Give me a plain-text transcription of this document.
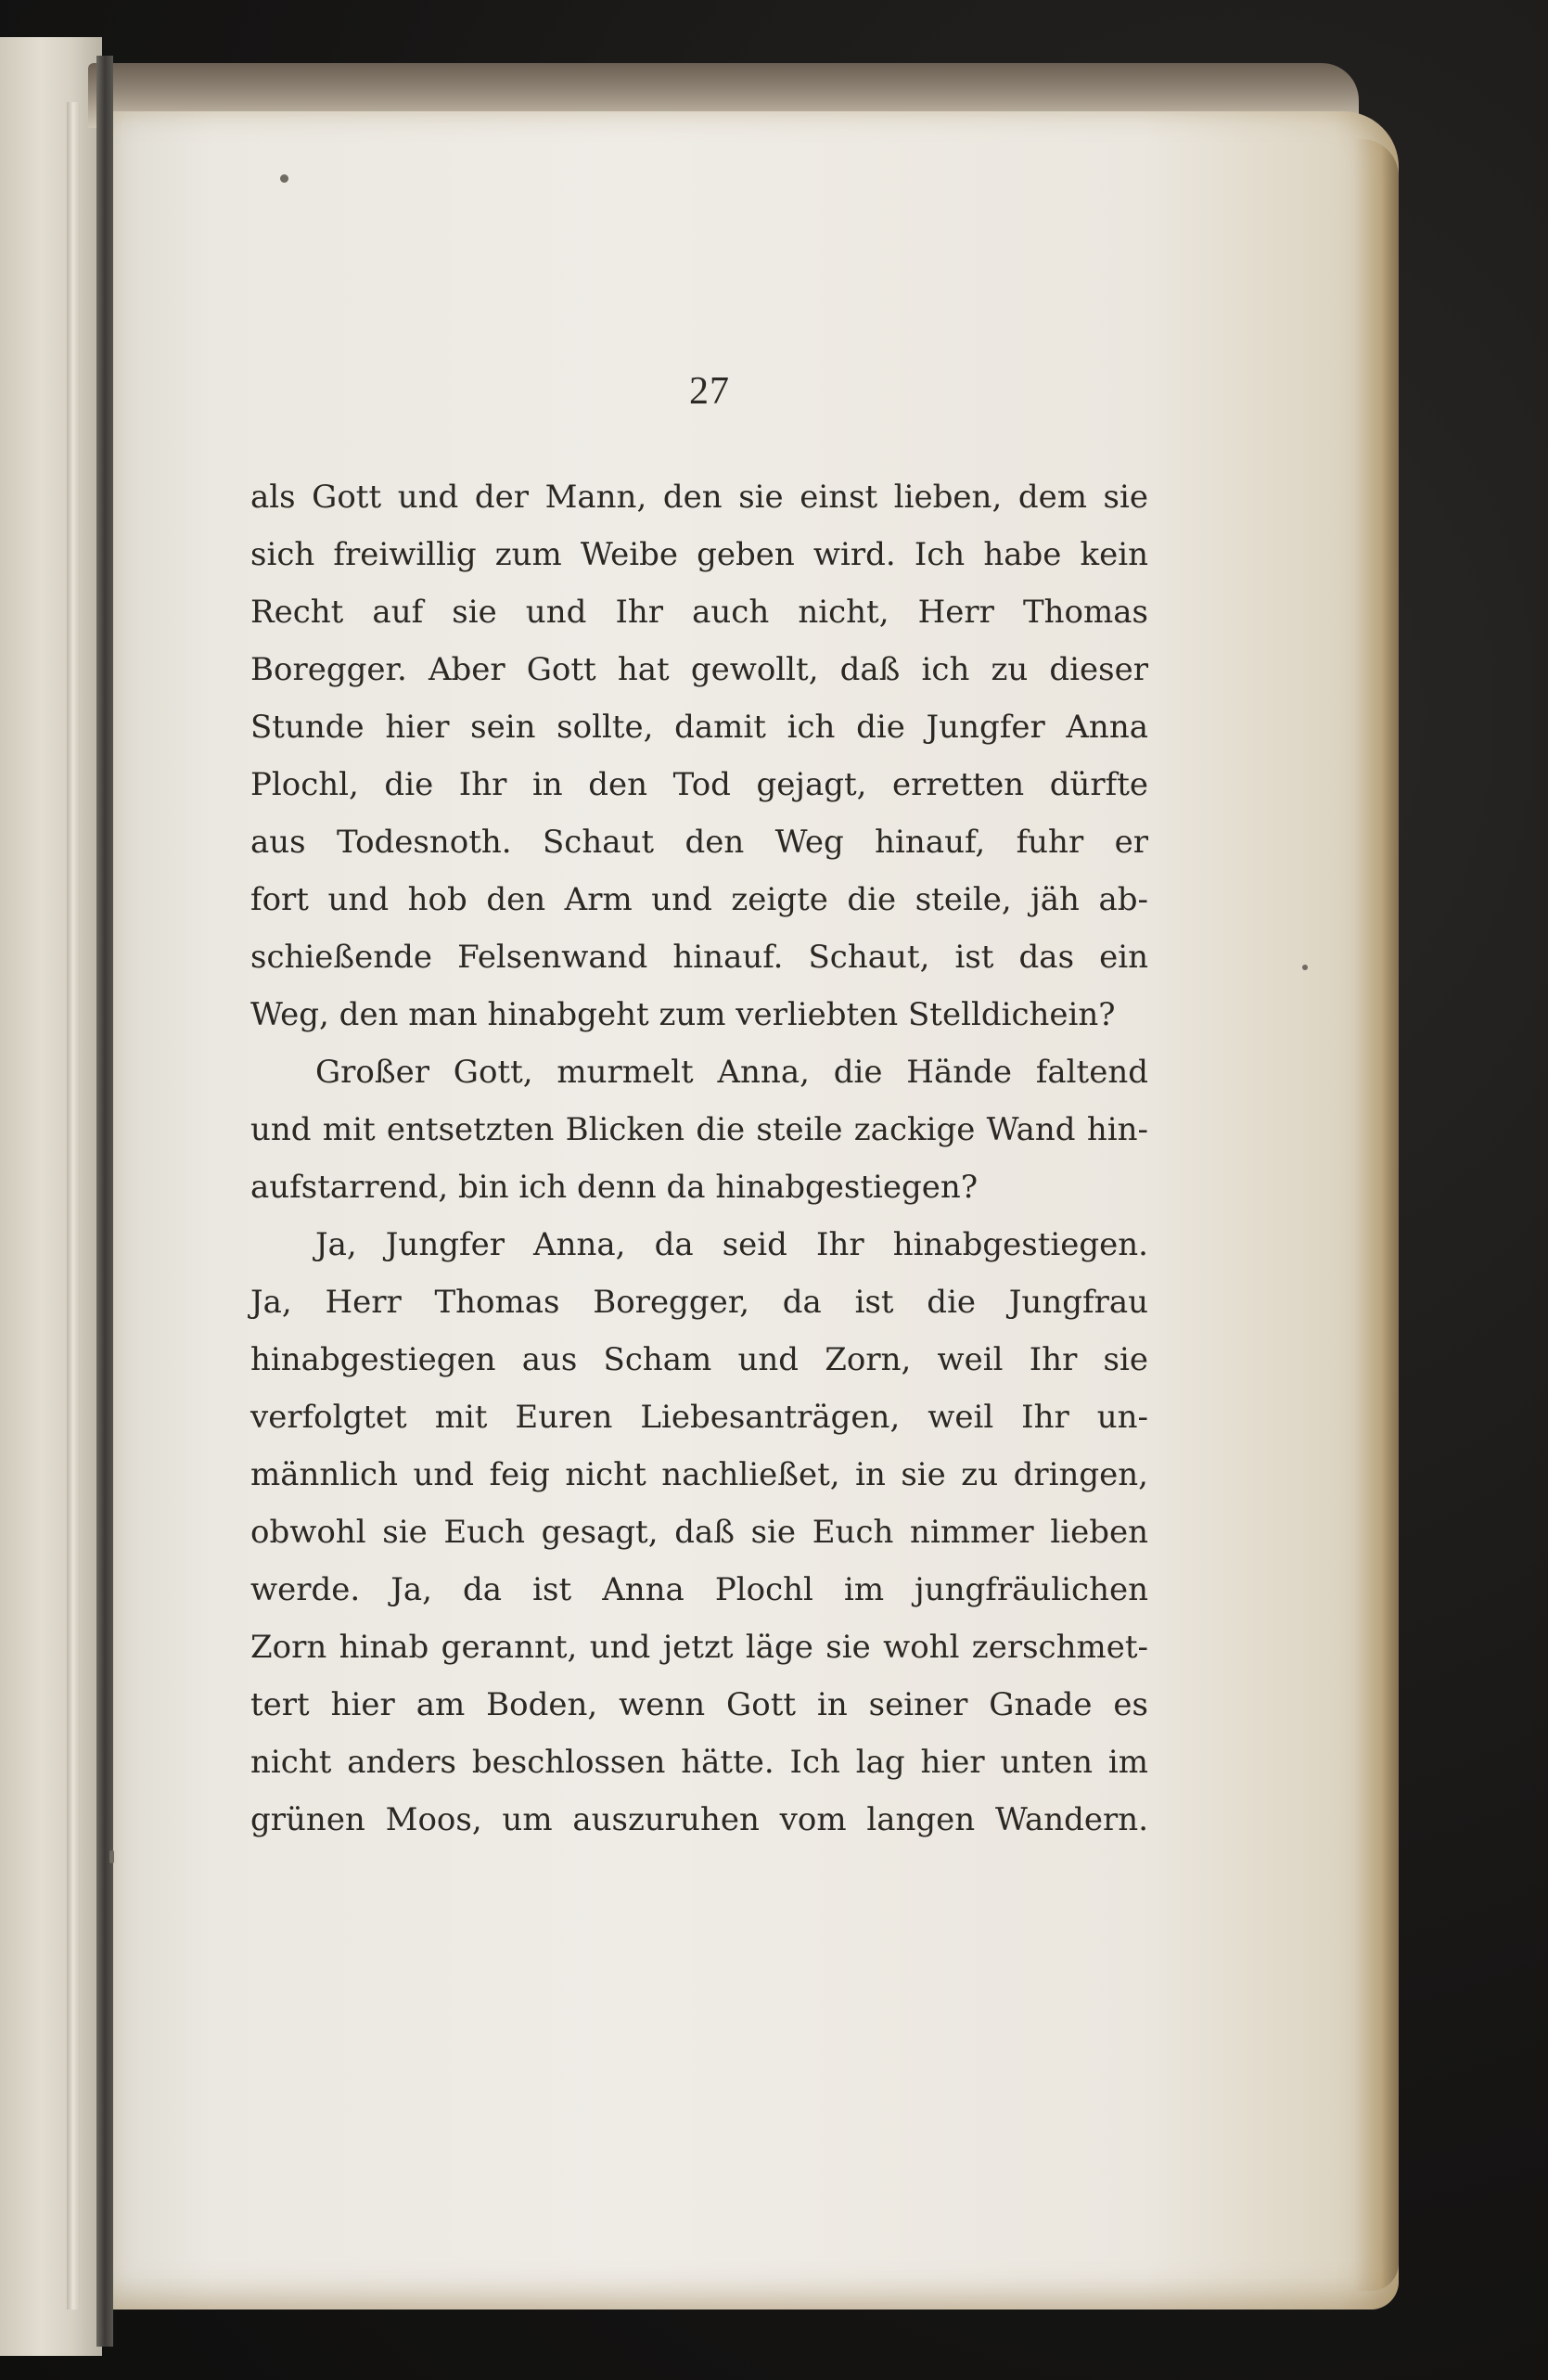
27
als Gott und der Mann, den sie einst lieben, dem sie
sich freiwillig zum Weibe geben wird. Ich habe kein
Recht auf sie und Ihr auch nicht, Herr Thomas
Boregger. Aber Gott hat gewollt, daß ich zu dieser
Stunde hier sein sollte, damit ich die Jungfer Anna
Plochl, die Ihr in den Tod gejagt, erretten dürfte
aus Todesnoth. Schaut den Weg hinauf, fuhr er
fort und hob den Arm und zeigte die steile, jäh ab-
schießende Felsenwand hinauf. Schaut, ist das ein
Weg, den man hinabgeht zum verliebten Stelldichein?
Großer Gott, murmelt Anna, die Hände faltend
und mit entsetzten Blicken die steile zackige Wand hin-
aufstarrend, bin ich denn da hinabgestiegen?
Ja, Jungfer Anna, da seid Ihr hinabgestiegen.
Ja, Herr Thomas Boregger, da ist die Jungfrau
hinabgestiegen aus Scham und Zorn, weil Ihr sie
verfolgtet mit Euren Liebesanträgen, weil Ihr un-
männlich und feig nicht nachließet, in sie zu dringen,
obwohl sie Euch gesagt, daß sie Euch nimmer lieben
werde. Ja, da ist Anna Plochl im jungfräulichen
Zorn hinab gerannt, und jetzt läge sie wohl zerschmet-
tert hier am Boden, wenn Gott in seiner Gnade es
nicht anders beschlossen hätte. Ich lag hier unten im
grünen Moos, um auszuruhen vom langen Wandern.
